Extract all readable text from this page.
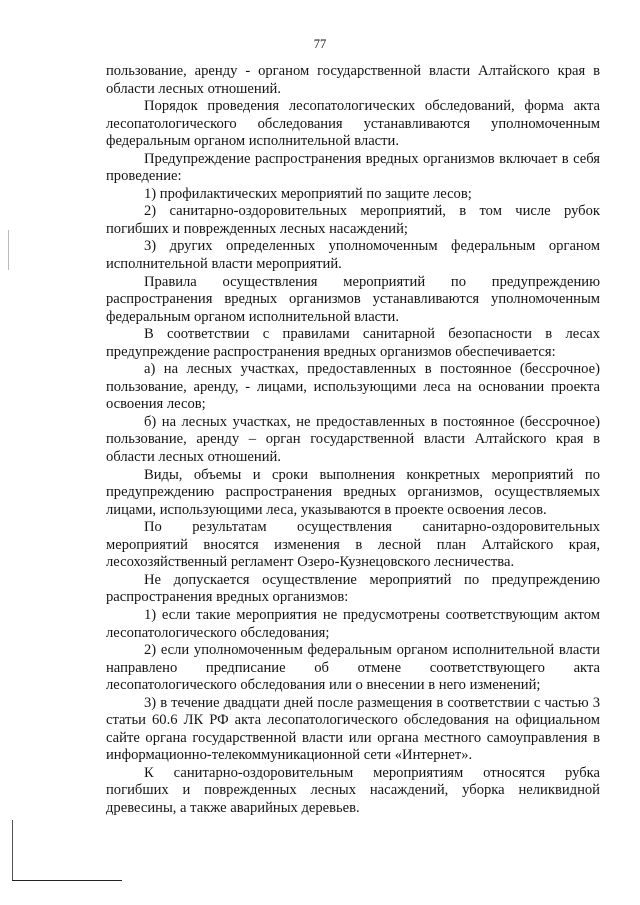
77

пользование, аренду - органом государственной власти Алтайского края в области лесных отношений.

Порядок проведения лесопатологических обследований, форма акта лесопатологического обследования устанавливаются уполномоченным федеральным органом исполнительной власти.

Предупреждение распространения вредных организмов включает в себя проведение:

1) профилактических мероприятий по защите лесов;

2) санитарно-оздоровительных мероприятий, в том числе рубок погибших и поврежденных лесных насаждений;

3) других определенных уполномоченным федеральным органом исполнительной власти мероприятий.

Правила осуществления мероприятий по предупреждению распространения вредных организмов устанавливаются уполномоченным федеральным органом исполнительной власти.

В соответствии с правилами санитарной безопасности в лесах предупреждение распространения вредных организмов обеспечивается:

а) на лесных участках, предоставленных в постоянное (бессрочное) пользование, аренду, - лицами, использующими леса на основании проекта освоения лесов;

б) на лесных участках, не предоставленных в постоянное (бессрочное) пользование, аренду – орган государственной власти Алтайского края в области лесных отношений.

Виды, объемы и сроки выполнения конкретных мероприятий по предупреждению распространения вредных организмов, осуществляемых лицами, использующими леса, указываются в проекте освоения лесов.

По результатам осуществления санитарно-оздоровительных мероприятий вносятся изменения в лесной план Алтайского края, лесохозяйственный регламент Озеро-Кузнецовского лесничества.

Не допускается осуществление мероприятий по предупреждению распространения вредных организмов:

1) если такие мероприятия не предусмотрены соответствующим актом лесопатологического обследования;

2) если уполномоченным федеральным органом исполнительной власти направлено предписание об отмене соответствующего акта лесопатологического обследования или о внесении в него изменений;

3) в течение двадцати дней после размещения в соответствии с частью 3 статьи 60.6 ЛК РФ акта лесопатологического обследования на официальном сайте органа государственной власти или органа местного самоуправления в информационно-телекоммуникационной сети «Интернет».

К санитарно-оздоровительным мероприятиям относятся рубка погибших и поврежденных лесных насаждений, уборка неликвидной древесины, а также аварийных деревьев.
